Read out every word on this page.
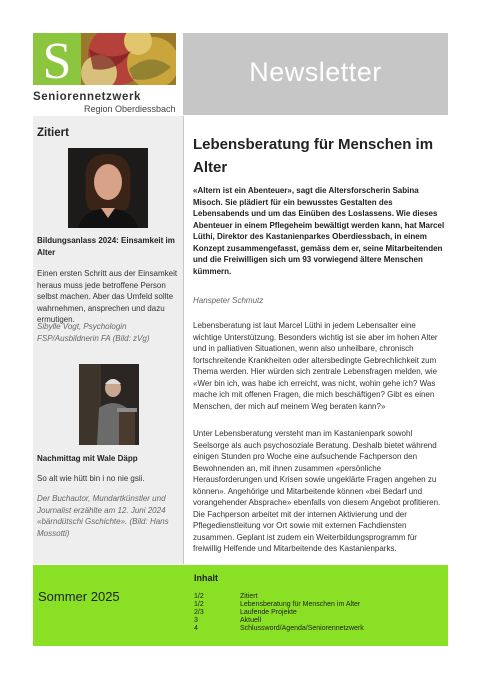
S
Seniorennetzwerk
Region Oberdiessbach
Newsletter
Zitiert
Bildungsanlass 2024: Einsamkeit im Alter
Einen ersten Schritt aus der Einsamkeit heraus muss jede betroffene Person selbst machen. Aber das Umfeld sollte wahrnehmen, ansprechen und dazu ermutigen.
Sibylle Vogt, Psychologin FSP/Ausbildnerin FA (Bild: zVg)
Nachmittag mit Wale Däpp
So alt wie hütt bin i no nie gsii.
Der Buchautor, Mundartkünstler und Journalist erzählte am 12. Juni 2024 «bärndütschi Gschichte». (Bild: Hans Mossotti)
Lebensberatung für Menschen im Alter
«Altern ist ein Abenteuer», sagt die Altersforscherin Sabina Misoch. Sie plädiert für ein bewusstes Gestalten des Lebensabends und um das Einüben des Loslassens. Wie dieses Abenteuer in einem Pflegeheim bewältigt werden kann, hat Marcel Lüthi, Direktor des Kastanienparkes Oberdiessbach, in einem Konzept zusammengefasst, gemäss dem er, seine Mitarbeitenden und die Freiwilligen sich um 93 vorwiegend ältere Menschen kümmern.
Hanspeter Schmutz
Lebensberatung ist laut Marcel Lüthi in jedem Lebensalter eine wichtige Unterstützung. Besonders wichtig ist sie aber im hohen Alter und in palliativen Situationen, wenn also unheilbare, chronisch fortschreitende Krankheiten oder altersbedingte Gebrechlichkeit zum Thema werden. Hier würden sich zentrale Lebensfragen melden, wie «Wer bin ich, was habe ich erreicht, was nicht, wohin gehe ich? Was mache ich mit offenen Fragen, die mich beschäftigen? Gibt es einen Menschen, der mich auf meinem Weg beraten kann?»
Unter Lebensberatung versteht man im Kastanienpark sowohl Seelsorge als auch psychosoziale Beratung. Deshalb bietet während einigen Stunden pro Woche eine aufsuchende Fachperson den Bewohnenden an, mit ihnen zusammen «persönliche Herausforderungen und Krisen sowie ungeklärte Fragen angehen zu können». Angehörige und Mitarbeitende können «bei Bedarf und vorangehender Absprache» ebenfalls von diesem Angebot profitieren. Die Fachperson arbeitet mit der internen Aktivierung und der Pflegedienstleitung vor Ort sowie mit externen Fachdiensten zusammen. Geplant ist zudem ein Weiterbildungsprogramm für freiwillig Helfende und Mitarbeitende des Kastanienparks.
Sommer 2025
Inhalt
1/2	Zitiert
1/2	Lebensberatung für Menschen im Alter
2/3	Laufende Projekte
3	Aktuell
4	Schlussword/Agenda/Seniorennetzwerk
